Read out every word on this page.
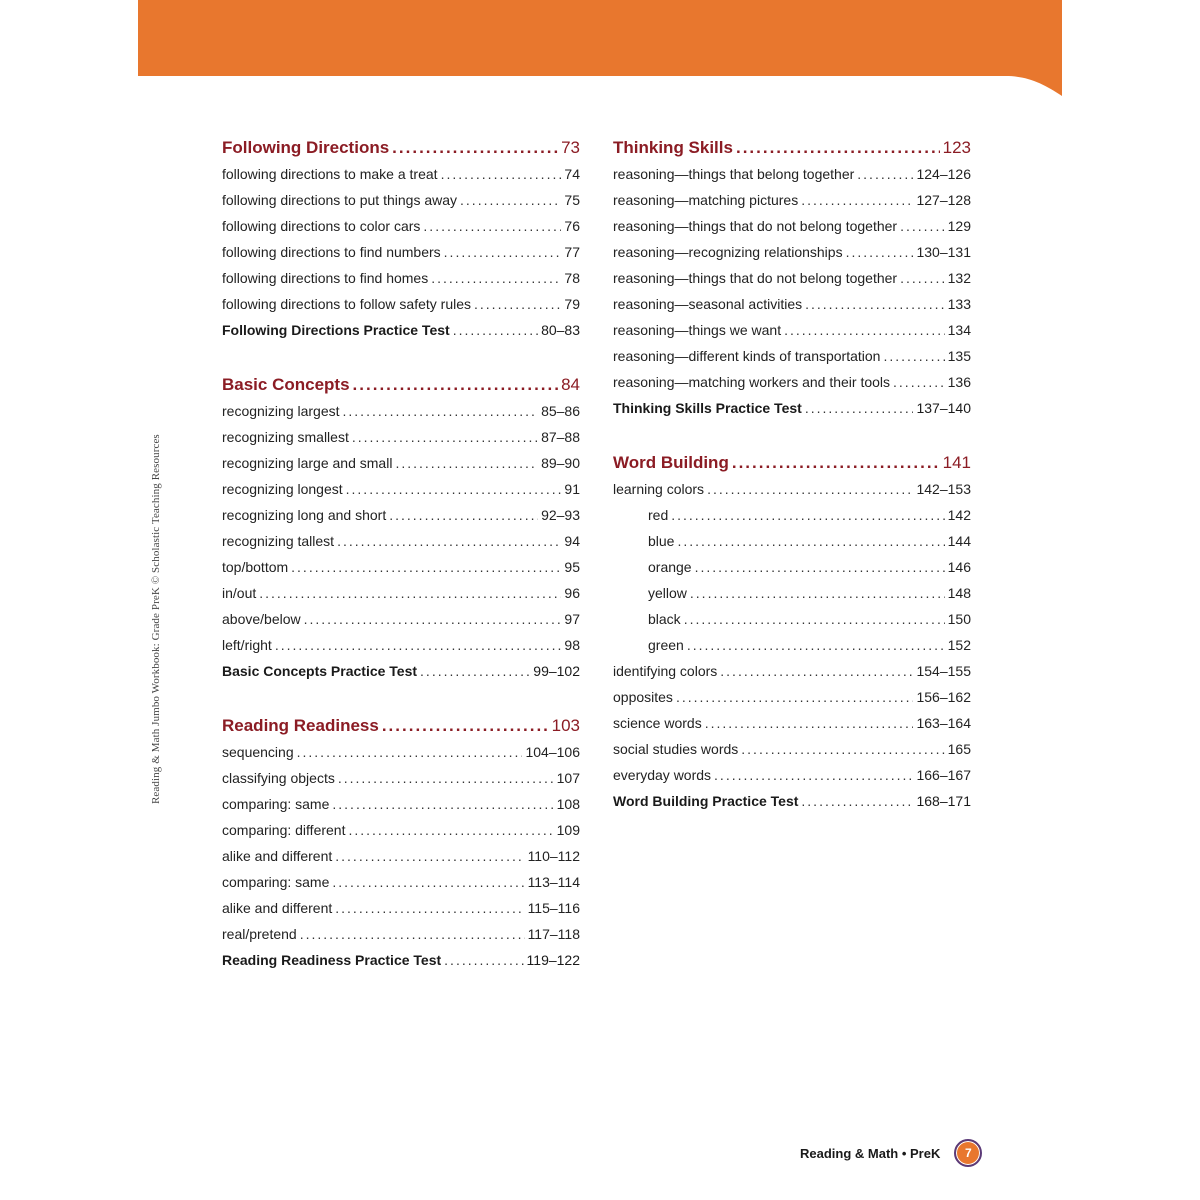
Reading & Math Jumbo Workbook: Grade PreK © Scholastic Teaching Resources
Following Directions .....	73
following directions to make a treat .....	74
following directions to put things away .....	75
following directions to color cars .....	76
following directions to find numbers .....	77
following directions to find homes .....	78
following directions to follow safety rules .....	79
Following Directions Practice Test .....	80–83
Basic Concepts .....	84
recognizing largest .....	85–86
recognizing smallest .....	87–88
recognizing large and small .....	89–90
recognizing longest .....	91
recognizing long and short .....	92–93
recognizing tallest .....	94
top/bottom .....	95
in/out .....	96
above/below .....	97
left/right .....	98
Basic Concepts Practice Test .....	99–102
Reading Readiness .....	103
sequencing .....	104–106
classifying objects .....	107
comparing: same .....	108
comparing: different .....	109
alike and different .....	110–112
comparing: same .....	113–114
alike and different .....	115–116
real/pretend .....	117–118
Reading Readiness Practice Test .....	119–122
Thinking Skills .....	123
reasoning—things that belong together .....	124–126
reasoning—matching pictures .....	127–128
reasoning—things that do not belong together .....	129
reasoning—recognizing relationships .....	130–131
reasoning—things that do not belong together .....	132
reasoning—seasonal activities .....	133
reasoning—things we want .....	134
reasoning—different kinds of transportation .....	135
reasoning—matching workers and their tools .....	136
Thinking Skills Practice Test .....	137–140
Word Building .....	141
learning colors .....	142–153
red .....	142
blue .....	144
orange .....	146
yellow .....	148
black .....	150
green .....	152
identifying colors .....	154–155
opposites .....	156–162
science words .....	163–164
social studies words .....	165
everyday words .....	166–167
Word Building Practice Test .....	168–171
Reading & Math • PreK	7
